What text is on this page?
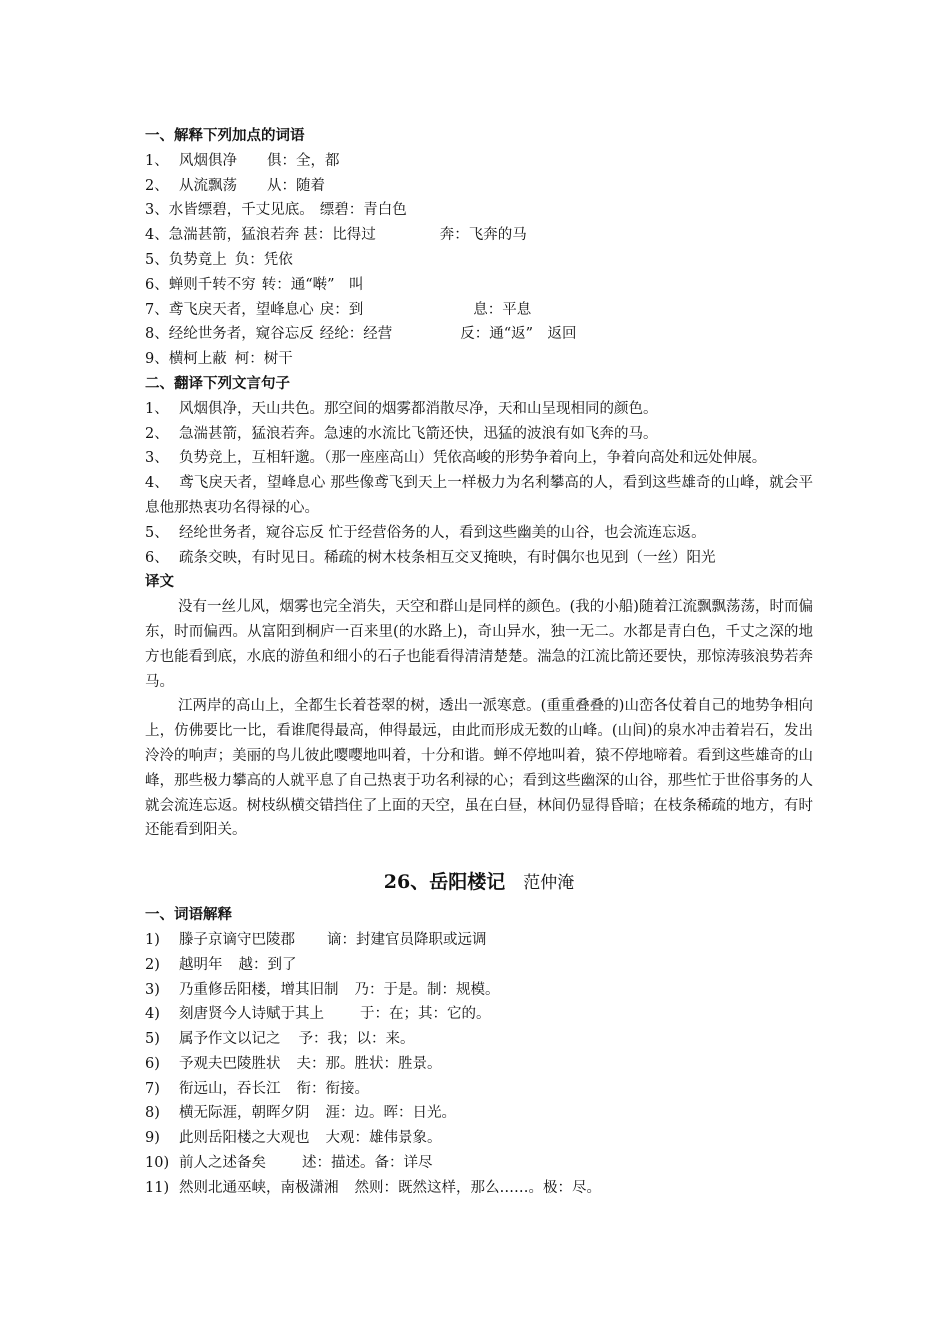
一、解释下列加点的词语
1、 风烟俱净 俱：全，都
2、 从流飘荡 从：随着
3、水皆缥碧，千丈见底。 缥碧：青白色
4、急湍甚箭，猛浪若奔 甚：比得过	奔：飞奔的马
5、负势竟上 负：凭依
6、蝉则千转不穷 转：通“啭”　叫
7、鸢飞戾天者，望峰息心 戾：到	息：平息
8、经纶世务者，窥谷忘反 经纶：经营	反：通“返”　返回
9、横柯上蔽 柯：树干
二、翻译下列文言句子
1、 风烟俱净，天山共色。那空间的烟雾都消散尽净，天和山呈现相同的颜色。
2、 急湍甚箭，猛浪若奔。急速的水流比飞箭还快，迅猛的波浪有如飞奔的马。
3、 负势竞上，互相轩邈。（那一座座高山）凭依高峻的形势争着向上，争着向高处和远处伸展。
4、 鸢飞戾天者，望峰息心 那些像鸢飞到天上一样极力为名利攀高的人，看到这些雄奇的山峰，就会平息他那热衷功名得禄的心。
5、 经纶世务者，窥谷忘反 忙于经营俗务的人，看到这些幽美的山谷，也会流连忘返。
6、 疏条交映，有时见日。稀疏的树木枝条相互交叉掩映，有时偶尔也见到（一丝）阳光
译文

没有一丝儿风，烟雾也完全消失，天空和群山是同样的颜色。(我的小船)随着江流飘飘荡荡，时而偏东，时而偏西。从富阳到桐庐一百来里(的水路上)，奇山异水，独一无二。水都是青白色，千丈之深的地方也能看到底，水底的游鱼和细小的石子也能看得清清楚楚。湍急的江流比箭还要快，那惊涛骇浪势若奔马。

江两岸的高山上，全都生长着苍翠的树，透出一派寒意。(重重叠叠的)山峦各仗着自己的地势争相向上，仿佛要比一比，看谁爬得最高，伸得最远，由此而形成无数的山峰。(山间)的泉水冲击着岩石，发出泠泠的响声；美丽的鸟儿彼此嘤嘤地叫着，十分和谐。蝉不停地叫着，猿不停地啼着。看到这些雄奇的山峰，那些极力攀高的人就平息了自己热衷于功名利禄的心；看到这些幽深的山谷，那些忙于世俗事务的人就会流连忘返。树枝纵横交错挡住了上面的天空，虽在白昼，林间仍显得昏暗；在枝条稀疏的地方，有时还能看到阳关。

26、岳阳楼记 范仲淹
一、词语解释
1) 滕子京谪守巴陵郡 谪：封建官员降职或远调
2) 越明年 越：到了
3) 乃重修岳阳楼，增其旧制 乃：于是。制：规模。
4) 刻唐贤今人诗赋于其上 于：在；其：它的。
5) 属予作文以记之 予：我；以：来。
6) 予观夫巴陵胜状 夫：那。胜状：胜景。
7) 衔远山，吞长江 衔：衔接。
8) 横无际涯，朝晖夕阴 涯：边。晖：日光。
9) 此则岳阳楼之大观也 大观：雄伟景象。
10) 前人之述备矣 述：描述。备：详尽
11) 然则北通巫峡，南极潇湘 然则：既然这样，那么……。极：尽。
